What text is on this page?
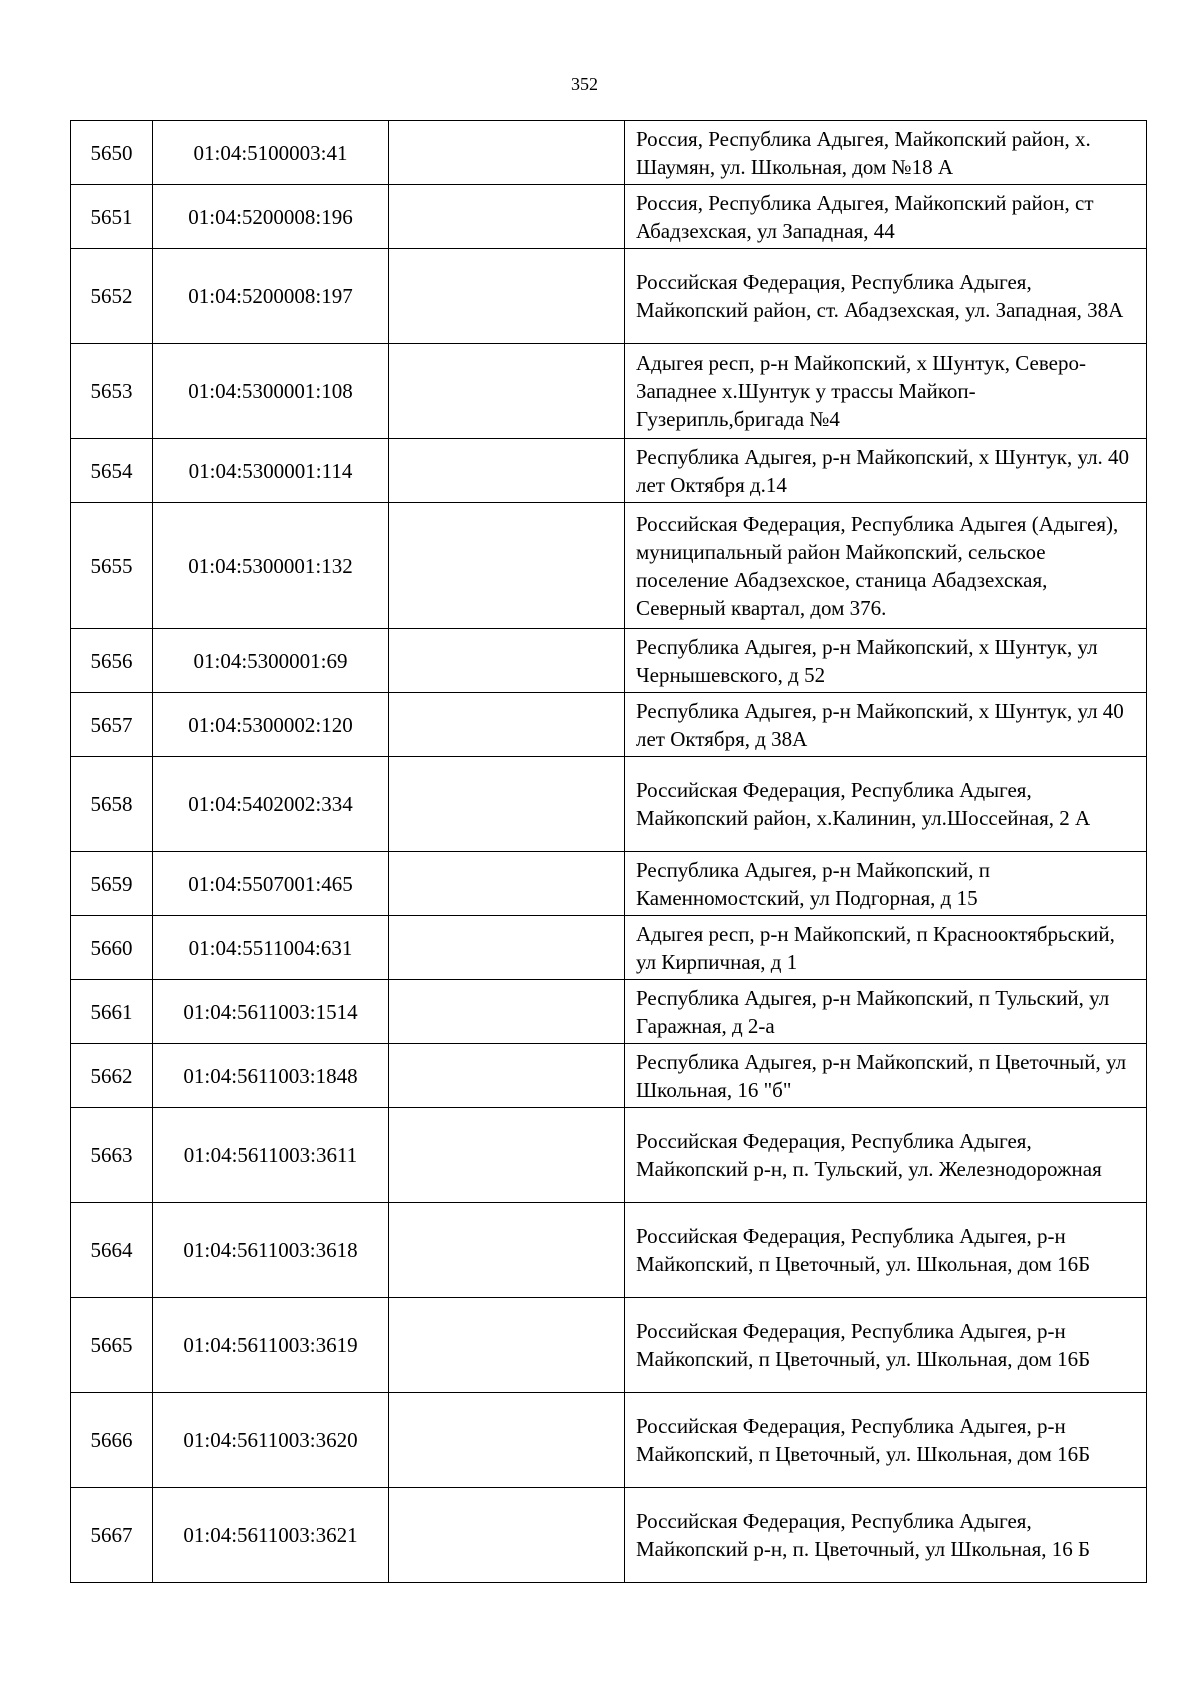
352
5650	01:04:5100003:41		Россия, Республика Адыгея, Майкопский район, х. Шаумян, ул. Школьная, дом №18 А
5651	01:04:5200008:196		Россия, Республика Адыгея, Майкопский район, ст Абадзехская, ул Западная, 44
5652	01:04:5200008:197		Российская Федерация, Республика Адыгея, Майкопский район, ст. Абадзехская, ул. Западная, 38А
5653	01:04:5300001:108		Адыгея респ, р-н Майкопский, х Шунтук, Северо-Западнее х.Шунтук у трассы Майкоп-Гузерипль,бригада №4
5654	01:04:5300001:114		Республика Адыгея, р-н Майкопский, х Шунтук, ул. 40 лет Октября д.14
5655	01:04:5300001:132		Российская Федерация, Республика Адыгея (Адыгея), муниципальный район Майкопский, сельское поселение Абадзехское, станица Абадзехская, Северный квартал, дом 376.
5656	01:04:5300001:69		Республика Адыгея, р-н Майкопский, х Шунтук, ул Чернышевского, д 52
5657	01:04:5300002:120		Республика Адыгея, р-н Майкопский, х Шунтук, ул 40 лет Октября, д 38А
5658	01:04:5402002:334		Российская Федерация, Республика Адыгея, Майкопский район, х.Калинин, ул.Шоссейная, 2 А
5659	01:04:5507001:465		Республика Адыгея, р-н Майкопский, п Каменномостский, ул Подгорная, д 15
5660	01:04:5511004:631		Адыгея респ, р-н Майкопский, п Краснооктябрьский, ул Кирпичная, д 1
5661	01:04:5611003:1514		Республика Адыгея, р-н Майкопский, п Тульский, ул Гаражная, д 2-а
5662	01:04:5611003:1848		Республика Адыгея, р-н Майкопский, п Цветочный, ул Школьная, 16 "б"
5663	01:04:5611003:3611		Российская Федерация, Республика Адыгея, Майкопский р-н, п. Тульский, ул. Железнодорожная
5664	01:04:5611003:3618		Российская Федерация, Республика Адыгея, р-н Майкопский, п Цветочный, ул. Школьная, дом 16Б
5665	01:04:5611003:3619		Российская Федерация, Республика Адыгея, р-н Майкопский, п Цветочный, ул. Школьная, дом 16Б
5666	01:04:5611003:3620		Российская Федерация, Республика Адыгея, р-н Майкопский, п Цветочный, ул. Школьная, дом 16Б
5667	01:04:5611003:3621		Российская Федерация, Республика Адыгея, Майкопский р-н, п. Цветочный, ул Школьная, 16 Б
